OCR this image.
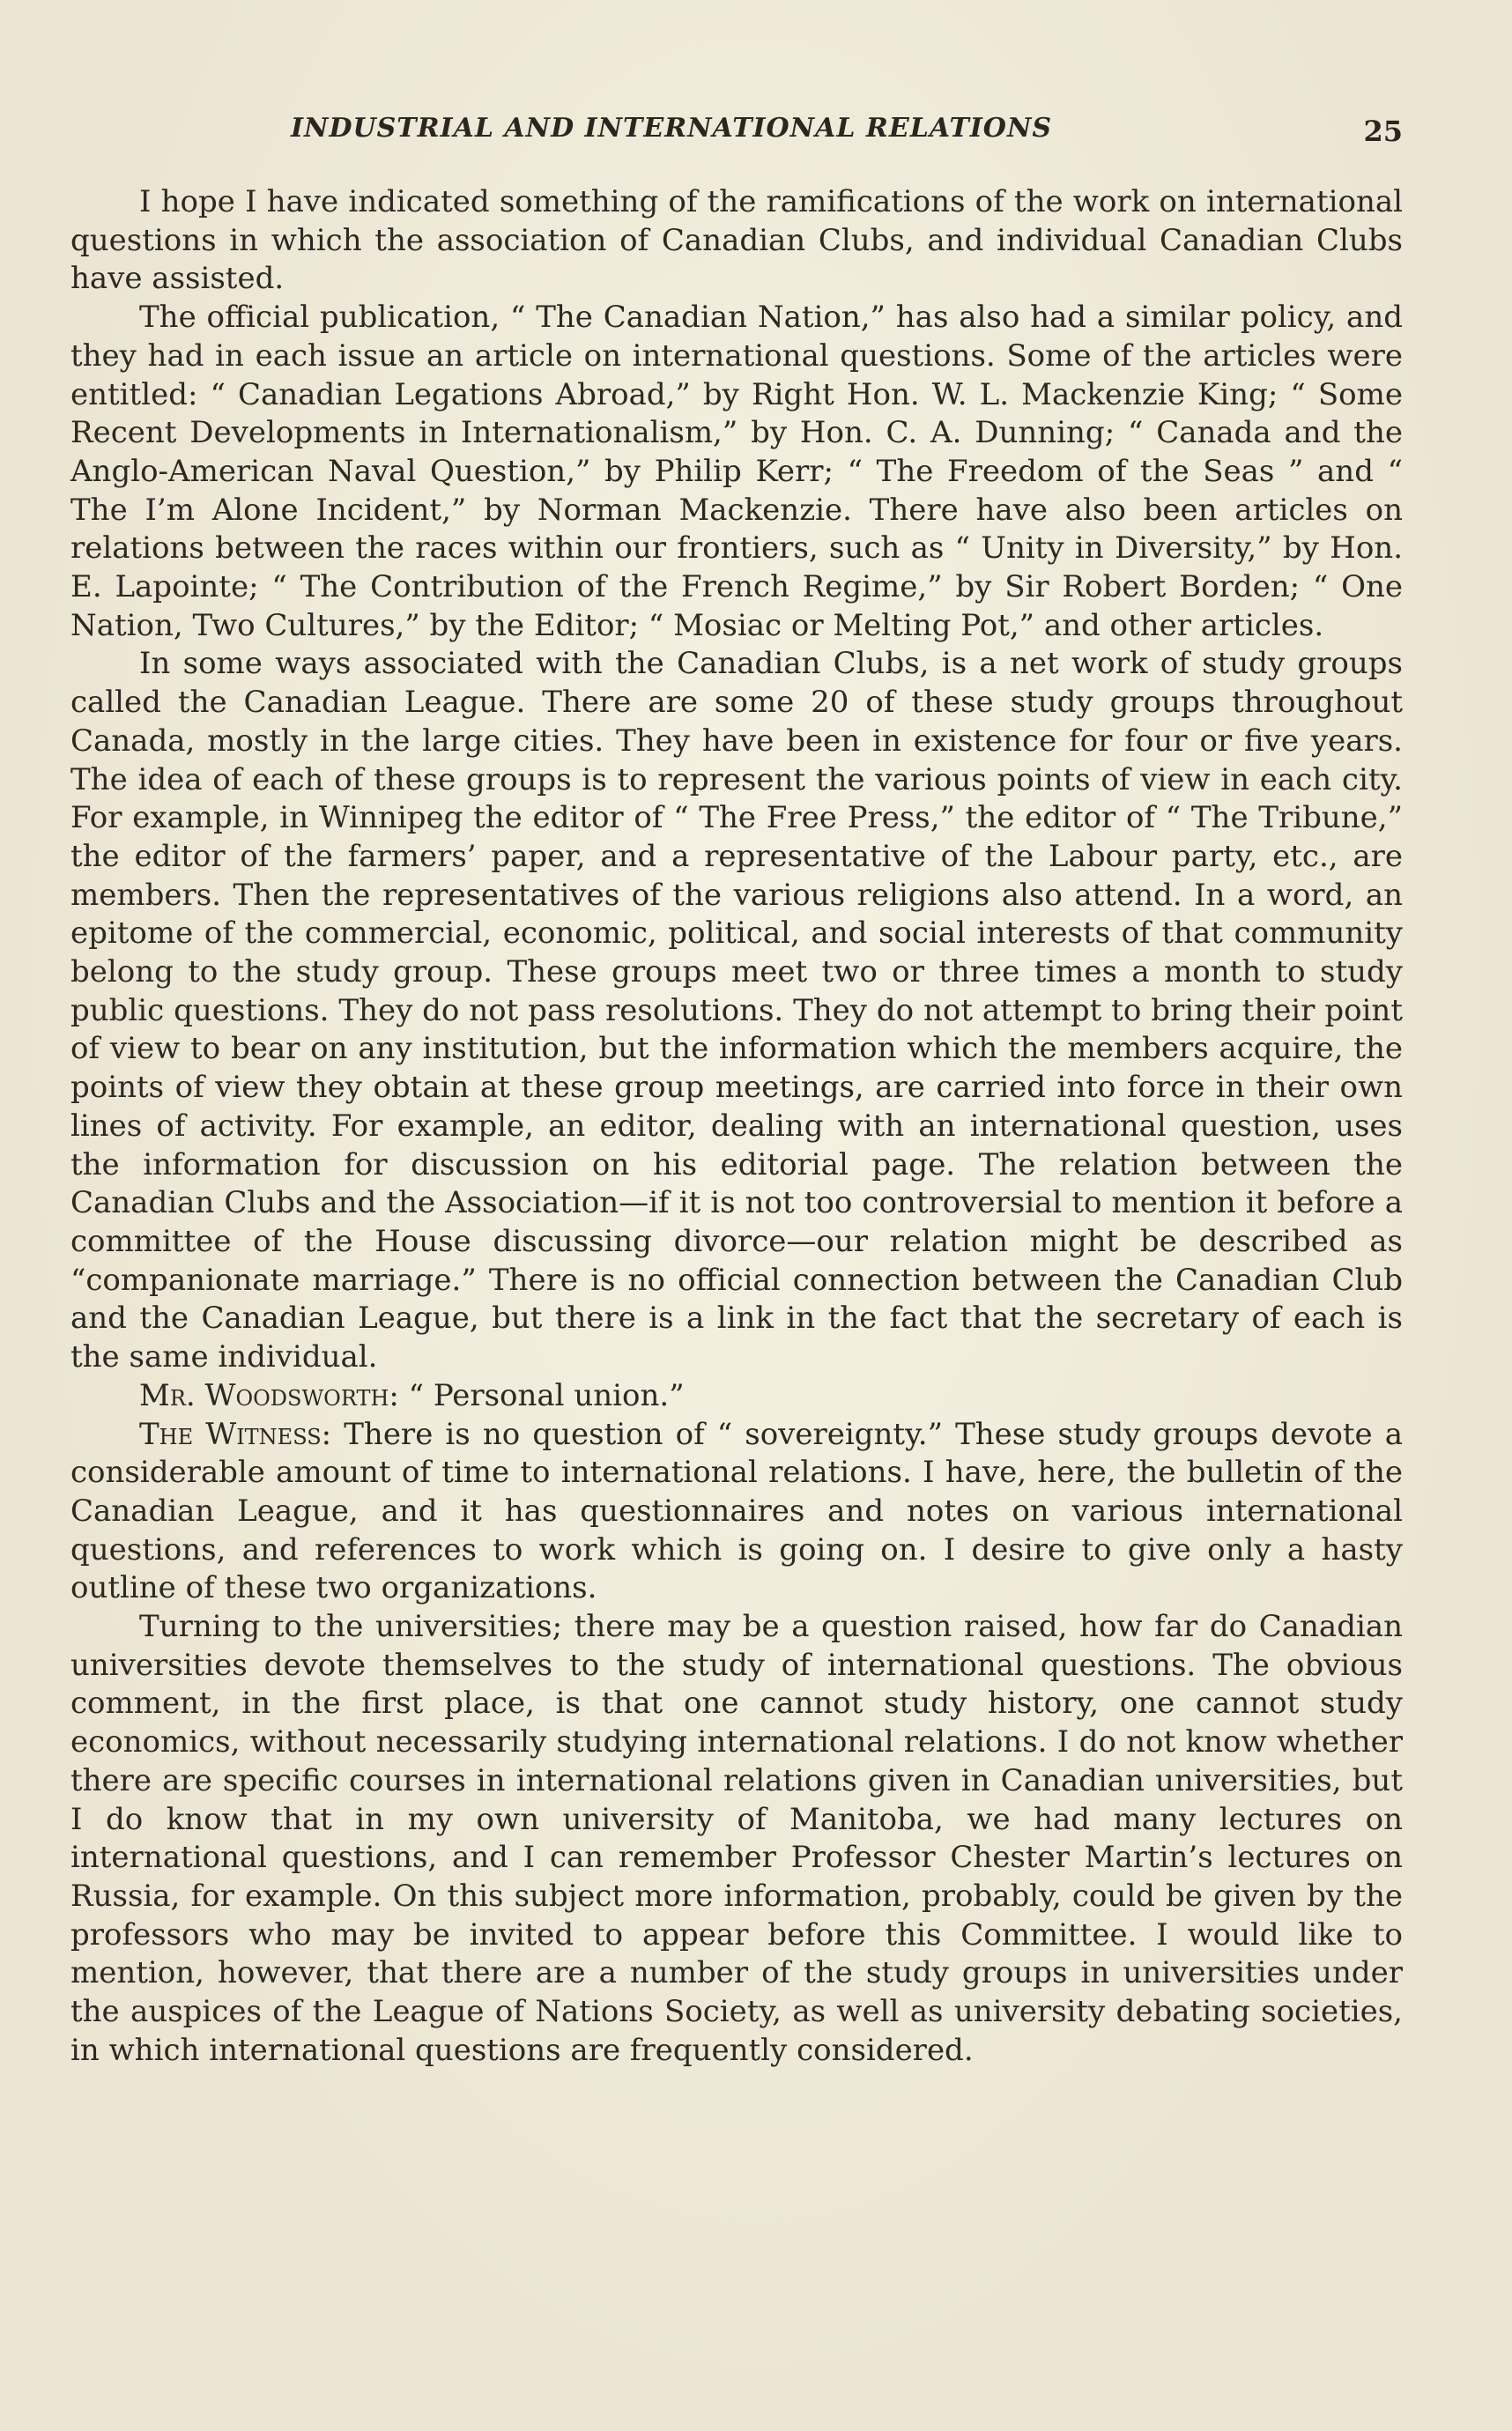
INDUSTRIAL AND INTERNATIONAL RELATIONS	25

I hope I have indicated something of the ramifications of the work on international questions in which the association of Canadian Clubs, and individual Canadian Clubs have assisted.

The official publication, “ The Canadian Nation,” has also had a similar policy, and they had in each issue an article on international questions. Some of the articles were entitled: “ Canadian Legations Abroad,” by Right Hon. W. L. Mackenzie King; “ Some Recent Developments in Internationalism,” by Hon. C. A. Dunning; “ Canada and the Anglo-American Naval Question,” by Philip Kerr; “ The Freedom of the Seas ” and “ The I’m Alone Incident,” by Norman Mackenzie. There have also been articles on relations between the races within our frontiers, such as “ Unity in Diversity,” by Hon. E. Lapointe; “ The Contribution of the French Regime,” by Sir Robert Borden; “ One Nation, Two Cultures,” by the Editor; “ Mosiac or Melting Pot,” and other articles.

In some ways associated with the Canadian Clubs, is a net work of study groups called the Canadian League. There are some 20 of these study groups throughout Canada, mostly in the large cities. They have been in existence for four or five years. The idea of each of these groups is to represent the various points of view in each city. For example, in Winnipeg the editor of “ The Free Press,” the editor of “ The Tribune,” the editor of the farmers’ paper, and a representative of the Labour party, etc., are members. Then the representatives of the various religions also attend. In a word, an epitome of the commercial, economic, political, and social interests of that community belong to the study group. These groups meet two or three times a month to study public questions. They do not pass resolutions. They do not attempt to bring their point of view to bear on any institution, but the information which the members acquire, the points of view they obtain at these group meetings, are carried into force in their own lines of activity. For example, an editor, dealing with an international question, uses the information for discussion on his editorial page. The relation between the Canadian Clubs and the Association—if it is not too controversial to mention it before a committee of the House discussing divorce—our relation might be described as “companionate marriage.” There is no official connection between the Canadian Club and the Canadian League, but there is a link in the fact that the secretary of each is the same individual.

Mr. Woodsworth: “ Personal union.”

The Witness: There is no question of “ sovereignty.” These study groups devote a considerable amount of time to international relations. I have, here, the bulletin of the Canadian League, and it has questionnaires and notes on various international questions, and references to work which is going on. I desire to give only a hasty outline of these two organizations.

Turning to the universities; there may be a question raised, how far do Canadian universities devote themselves to the study of international questions. The obvious comment, in the first place, is that one cannot study history, one cannot study economics, without necessarily studying international relations. I do not know whether there are specific courses in international relations given in Canadian universities, but I do know that in my own university of Manitoba, we had many lectures on international questions, and I can remember Professor Chester Martin’s lectures on Russia, for example. On this subject more information, probably, could be given by the professors who may be invited to appear before this Committee. I would like to mention, however, that there are a number of the study groups in universities under the auspices of the League of Nations Society, as well as university debating societies, in which international questions are frequently considered.
